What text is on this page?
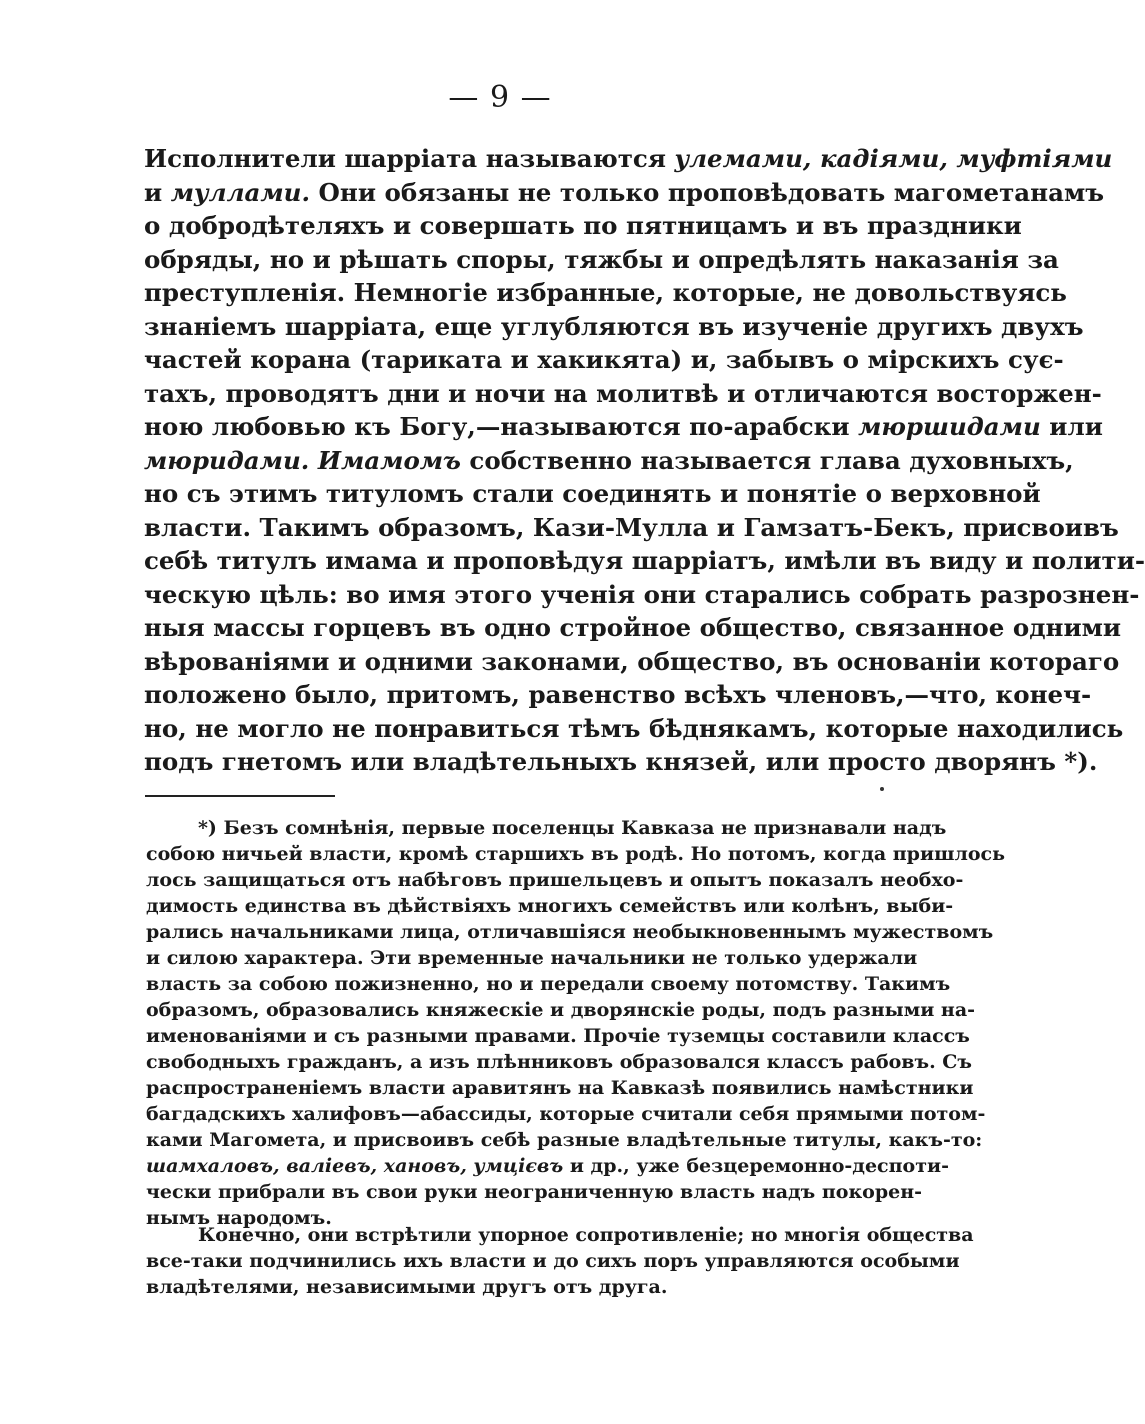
— 9 —
Исполнители шарріата называются улемами, кадіями, муфтіями
и муллами. Они обязаны не только проповѣдовать магометанамъ
о добродѣтеляхъ и совершать по пятницамъ и въ праздники
обряды, но и рѣшать споры, тяжбы и опредѣлять наказанія за
преступленія. Немногіе избранные, которые, не довольствуясь
знаніемъ шарріата, еще углубляются въ изученіе другихъ двухъ
частей корана (тариката и хакикята) и, забывъ о мірскихъ сує-
тахъ, проводятъ дни и ночи на молитвѣ и отличаются восторжен-
ною любовью къ Богу,—называются по-арабски мюршидами или
мюридами. Имамомъ собственно называется глава духовныхъ,
но съ этимъ титуломъ стали соединять и понятіе о верховной
власти. Такимъ образомъ, Кази-Мулла и Гамзатъ-Бекъ, присвоивъ
себѣ титулъ имама и проповѣдуя шарріатъ, имѣли въ виду и полити-
ческую цѣль: во имя этого ученія они старались собрать разрознен-
ныя массы горцевъ въ одно стройное общество, связанное одними
вѣрованіями и одними законами, общество, въ основаніи котораго
положено было, притомъ, равенство всѣхъ членовъ,—что, конеч-
но, не могло не понравиться тѣмъ бѣднякамъ, которые находились
подъ гнетомъ или владѣтельныхъ князей, или просто дворянъ *).
*) Безъ сомнѣнія, первые поселенцы Кавказа не признавали надъ
собою ничьей власти, кромѣ старшихъ въ родѣ. Но потомъ, когда пришлось
лось защищаться отъ набѣговъ пришельцевъ и опытъ показалъ необхо-
димость единства въ дѣйствіяхъ многихъ семействъ или колѣнъ, выби-
рались начальниками лица, отличавшіяся необыкновеннымъ мужествомъ
и силою характера. Эти временные начальники не только удержали
власть за собою пожизненно, но и передали своему потомству. Такимъ
образомъ, образовались княжескіе и дворянскіе роды, подъ разными на-
именованіями и съ разными правами. Прочіе туземцы составили классъ
свободныхъ гражданъ, а изъ плѣнниковъ образовался классъ рабовъ. Съ
распространеніемъ власти аравитянъ на Кавказѣ появились намѣстники
багдадскихъ халифовъ—абассиды, которые считали себя прямыми потом-
ками Магомета, и присвоивъ себѣ разные владѣтельные титулы, какъ-то:
шамхаловъ, валіевъ, хановъ, умцієвъ и др., уже безцеремонно-деспоти-
чески прибрали въ свои руки неограниченную власть надъ покорен-
нымъ народомъ.
Конечно, они встрѣтили упорное сопротивленіе; но многія общества
все-таки подчинились ихъ власти и до сихъ поръ управляются особыми
владѣтелями, независимыми другъ отъ друга.
